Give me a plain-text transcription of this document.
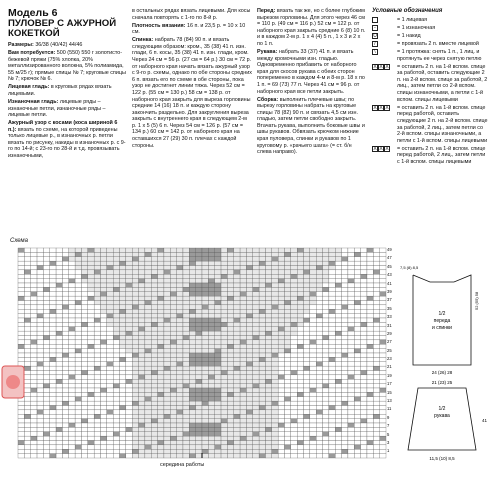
Модель 6
ПУЛОВЕР С АЖУРНОЙ КОКЕТКОЙ

Размеры: 36/38 (40/42) 44/46

Вам потребуется: 500 (550) 550 г золотисто-бежевой пряжи (75% хлопка, 20% металлизированного волокна, 5% полиамида, 55 м/25 г); прямые спицы № 7; круговые спицы № 7; крючок № 6.

Лицевая гладь: в круговых рядах вязать лицевыми.

Изнаночная гладь: лицевые ряды – изнаночные петли, изнаночные ряды – лицевые петли.

Ажурный узор с косами (коса шириной 6 п.): вязать по схеме, на которой приведены только лицевые р., в изнаночных р. петли вязать по рисунку, накиды в изнаночных р. с 9-го по 14-й; с 23-го по 28-й и т.д. провязывать изнаночными,

в остальных рядах вязать лицевыми. Для косы сначала повторять с 1-го по 8-й р.

Плотность вязания: 16 п. и 23,5 р. = 10 х 10 см.

Спинка: набрать 78 (84) 90 п. и вязать следующим образом: кром., 35 (38) 41 п. изн. глади, 6 п. косы, 35 (38) 41 п. изн. глади, кром. Через 24 см = 56 р. (27 см = 64 р.) 30 см = 72 р. от наборного края начать вязать ажурный узор с 9-го р. схемы, однако по обе стороны средних 6 п. вязать его по схеме в обе стороны, пока узор не достигнет линии тяжа. Через 52 см = 122 р. (55 см = 130 р.) 58 см = 138 р. от наборного края закрыть для выреза горловины средние 14 (16) 18 п. и каждую сторону закончить раздельно. Для закругления выреза закрыть с внутреннего края в следующем 2-м р. 1 х 5 (5) 6 п. Через 54 см = 126 р. (57 см = 134 р.) 60 см = 142 р. от наборного края на оставшихся 27 (29) 30 п. плечах с каждой стороны.

Перед: вязать так же, но с более глубоким вырезом горловины. Для этого через 46 см = 110 р. (49 см = 116 р.) 52 см = 122 р. от наборного края закрыть средние 6 (8) 10 п. и в каждом 2-м р. 1 х 4 (4) 5 п., 1 х 3 и 2 х по 1 п.

Рукава: набрать 33 (37) 41 п. и вязать между кромочными изн. гладью. Одновременно прибавить от наборного края для скосов рукава с обеих сторон попеременно в каждом 4-м и 8-м р. 18 х по 1 п. = 69 (73) 77 п. Через 41 см = 96 р. от наборного края все петли закрыть.

Сборка: выполнить плечевые швы; по вырезу горловины набрать на круговые спицы 78 (82) 90 п. и связать 4,5 см изн. гладью, затем петли свободно закрыть. Втачать рукава, выполнить боковые швы и швы рукавов. Обвязать крючком нижние края пуловера, спинки и рукавов по 1 круговому р. «рачьего шага» (= ст. б/н слева направо).

Условные обозначения
= 1 лицевая
-	= 1 изнаночная
U	= 1 накид
/	= провязать 2 п. вместе лицевой
\	= 1 протяжка: снять 1 п., 1 лиц. и протянуть ее через снятую петлю
X X X = оставить 2 п. на 1-й вспом. спице за работой, оставить следующие 2 п. на 2-й вспом. спице за работой, 2 лиц., затем петли со 2-й вспом. спицы изнаночными, а петли с 1-й вспом. спицы лицевыми
X X X = оставить 2 п. на 1-й вспом. спице перед работой, оставить следующие 2 п. на 2-й вспом. спице за работой, 2 лиц., затем петли со 2-й вспом. спицы изнаночными, а петли с 1-й вспом. спицы лицевыми
X X X = оставить 2 п. на 1-й вспом. спице перед работой, 2 лиц., затем петли с 1-й вспом. спицы лицевыми
Схема
49
47
45
43
41
39
37
35
33
31
29
27
25
23
21
19
17
15
13
11
9
7
5
3
1
середина работы
1/2
переда
и спинки
24 (26) 28
7,5 (8) 8,5
52 (55) 58
1/2
рукава
21 (23) 25
11,5 (10) 8,5
41
